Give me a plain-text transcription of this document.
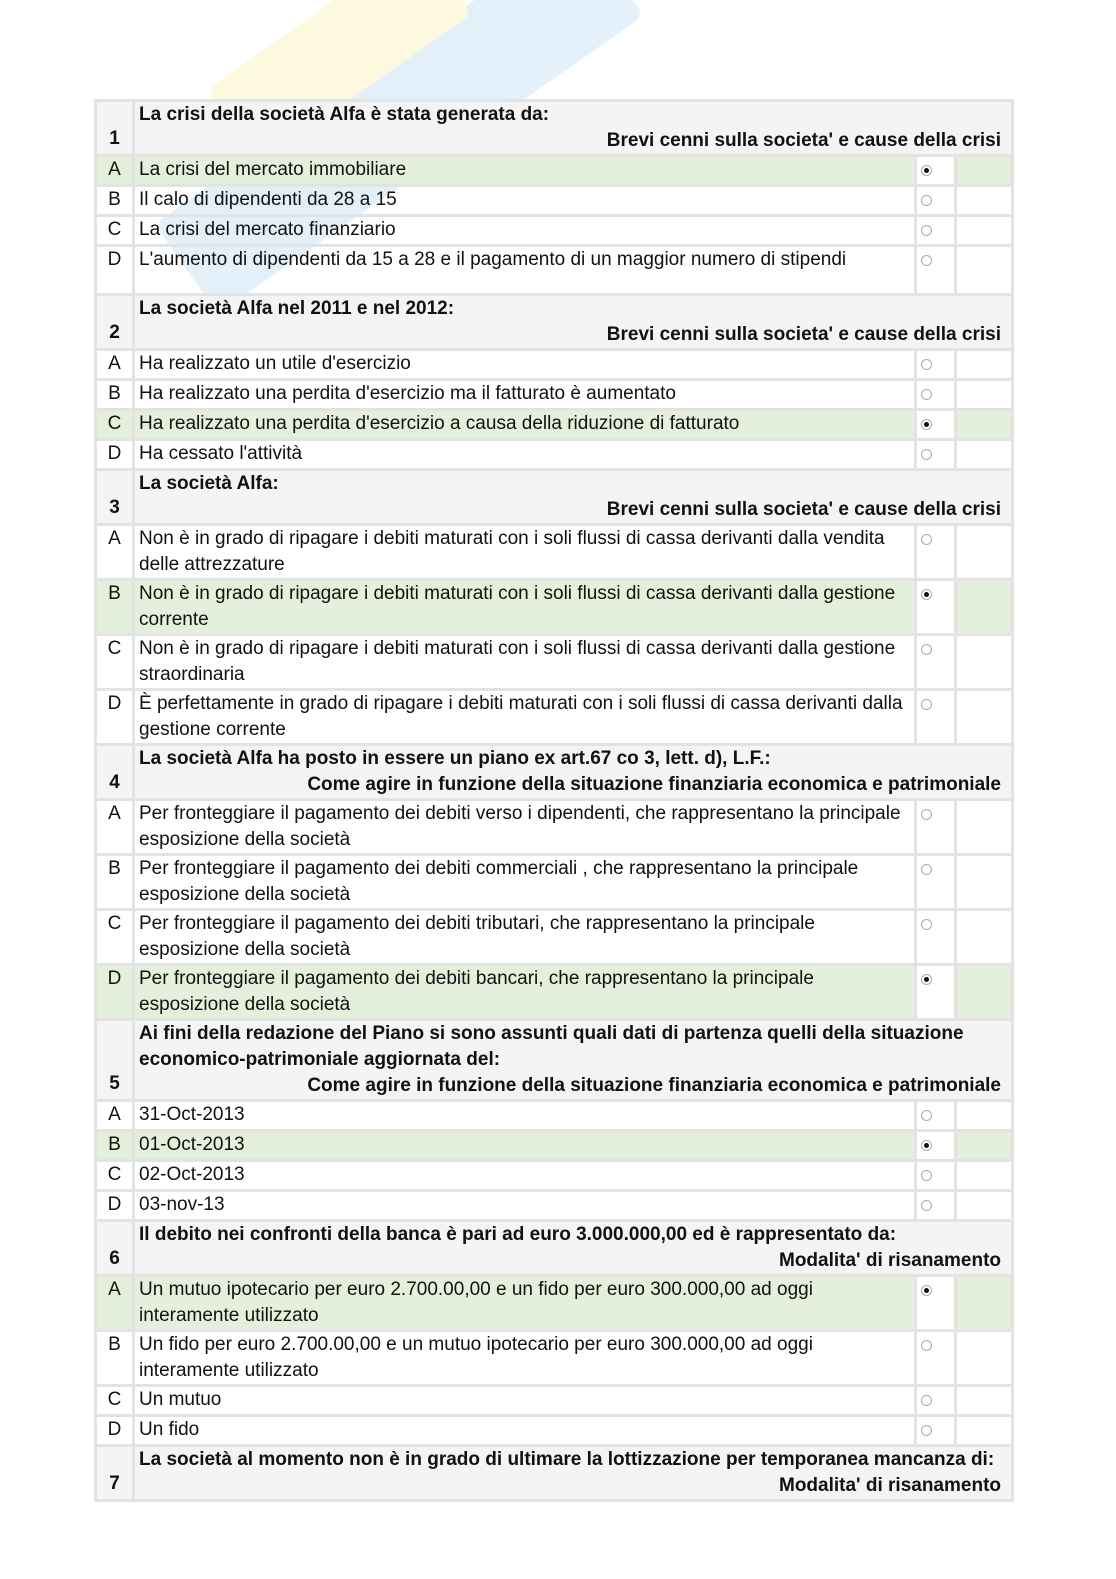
1	La crisi della società Alfa è stata generata da:
Brevi cenni sulla societa' e cause della crisi		

A	La crisi del mercato immobiliare		
B	Il calo di dipendenti da 28 a 15		
C	La crisi del mercato finanziario		
D	L'aumento di dipendenti da 15 a 28 e il pagamento di un maggior numero di stipendi		
2	La società Alfa nel 2011 e nel 2012:
Brevi cenni sulla societa' e cause della crisi		

A	Ha realizzato un utile d'esercizio		
B	Ha realizzato una perdita d'esercizio ma il fatturato è aumentato		
C	Ha realizzato una perdita d'esercizio a causa della riduzione di fatturato		
D	Ha cessato l'attività		
3	La società Alfa:
Brevi cenni sulla societa' e cause della crisi		

A	Non è in grado di ripagare i debiti maturati con i soli flussi di cassa derivanti dalla vendita delle attrezzature		
B	Non è in grado di ripagare i debiti maturati con i soli flussi di cassa derivanti dalla gestione corrente		
C	Non è in grado di ripagare i debiti maturati con i soli flussi di cassa derivanti dalla gestione straordinaria		
D	È perfettamente in grado di ripagare i debiti maturati con i soli flussi di cassa derivanti dalla gestione corrente		
4	La società Alfa ha posto in essere un piano ex art.67 co 3, lett. d), L.F.:
Come agire in funzione della situazione finanziaria economica e patrimoniale		

A	Per fronteggiare il pagamento dei debiti verso i dipendenti, che rappresentano la principale esposizione della società		
B	Per fronteggiare il pagamento dei debiti commerciali , che rappresentano la principale esposizione della società		
C	Per fronteggiare il pagamento dei debiti tributari, che rappresentano la principale esposizione della società		
D	Per fronteggiare il pagamento dei debiti bancari, che rappresentano la principale esposizione della società		
5	Ai fini della redazione del Piano si sono assunti quali dati di partenza quelli della situazione economico-patrimoniale aggiornata del:
Come agire in funzione della situazione finanziaria economica e patrimoniale		

A	31-Oct-2013		
B	01-Oct-2013		
C	02-Oct-2013		
D	03-nov-13		
6	Il debito nei confronti della banca è pari ad euro 3.000.000,00 ed è rappresentato da:
Modalita' di risanamento		

A	Un mutuo ipotecario per euro 2.700.00,00 e un fido per euro 300.000,00 ad oggi interamente utilizzato		
B	Un fido per euro 2.700.00,00 e un mutuo ipotecario per euro 300.000,00 ad oggi interamente utilizzato		
C	Un mutuo		
D	Un fido		
7	La società al momento non è in grado di ultimare la lottizzazione per temporanea mancanza di:
Modalita' di risanamento		
